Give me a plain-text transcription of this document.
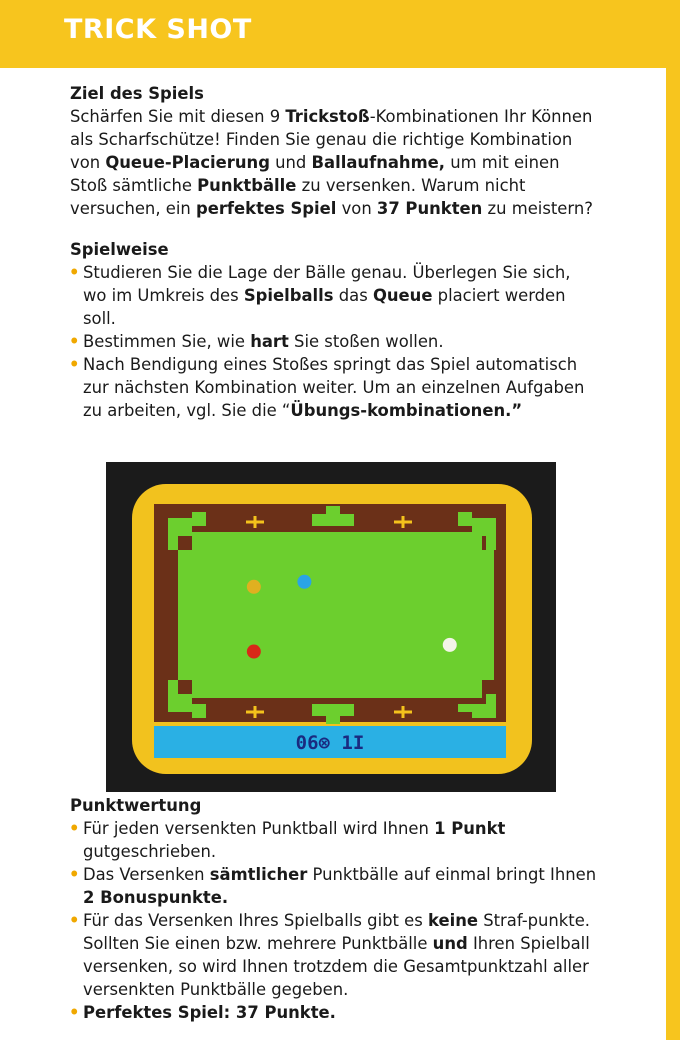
TRICK SHOT

Ziel des Spiels

Schärfen Sie mit diesen 9 Trickstoß-Kombinationen Ihr Können als Scharfschütze! Finden Sie genau die richtige Kombination von Queue-Placierung und Ballaufnahme, um mit einen Stoß sämtliche Punktbälle zu versenken. Warum nicht versuchen, ein perfektes Spiel von 37 Punkten zu meistern?

Spielweise

• Studieren Sie die Lage der Bälle genau. Überlegen Sie sich, wo im Umkreis des Spielballs das Queue placiert werden soll.
• Bestimmen Sie, wie hart Sie stoßen wollen.
• Nach Bendigung eines Stoßes springt das Spiel automatisch zur nächsten Kombination weiter. Um an einzelnen Aufgaben zu arbeiten, vgl. Sie die “Übungs-kombinationen.”
06⊗ 1I

Punktwertung

• Für jeden versenkten Punktball wird Ihnen 1 Punkt gutgeschrieben.
• Das Versenken sämtlicher Punktbälle auf einmal bringt Ihnen 2 Bonuspunkte.
• Für das Versenken Ihres Spielballs gibt es keine Straf-punkte. Sollten Sie einen bzw. mehrere Punktbälle und Ihren Spielball versenken, so wird Ihnen trotzdem die Gesamtpunktzahl aller versenkten Punktbälle gegeben.
• Perfektes Spiel: 37 Punkte.
